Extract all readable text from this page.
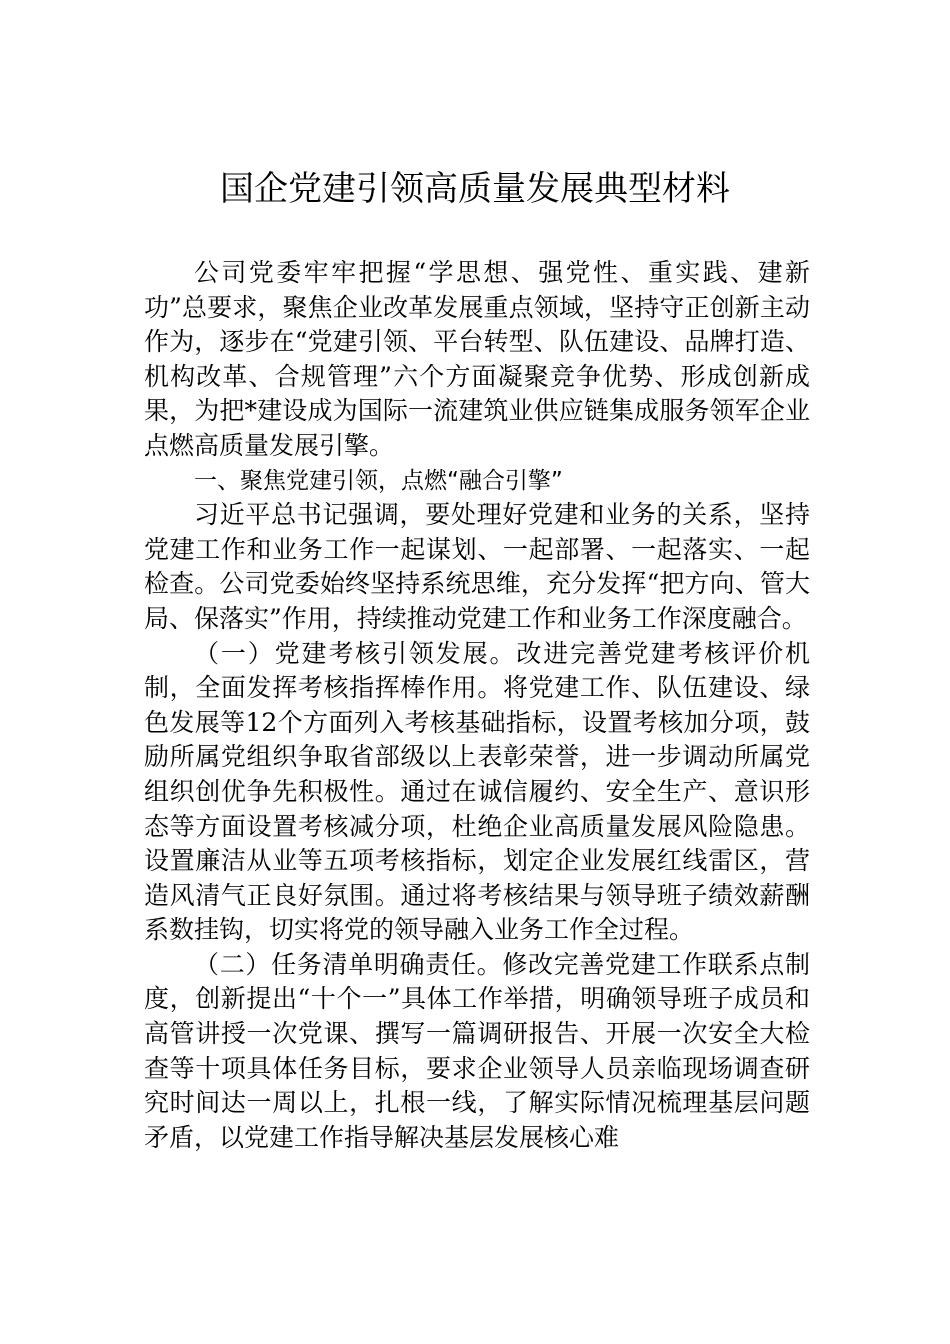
国企党建引领高质量发展典型材料

公司党委牢牢把握“学思想、强党性、重实践、建新功”总要求，聚焦企业改革发展重点领域，坚持守正创新主动作为，逐步在“党建引领、平台转型、队伍建设、品牌打造、机构改革、合规管理”六个方面凝聚竞争优势、形成创新成果，为把*建设成为国际一流建筑业供应链集成服务领军企业点燃高质量发展引擎。

一、聚焦党建引领，点燃“融合引擎”

习近平总书记强调，要处理好党建和业务的关系，坚持党建工作和业务工作一起谋划、一起部署、一起落实、一起检查。公司党委始终坚持系统思维，充分发挥“把方向、管大局、保落实”作用，持续推动党建工作和业务工作深度融合。

（一）党建考核引领发展。改进完善党建考核评价机制，全面发挥考核指挥棒作用。将党建工作、队伍建设、绿色发展等12个方面列入考核基础指标，设置考核加分项，鼓励所属党组织争取省部级以上表彰荣誉，进一步调动所属党组织创优争先积极性。通过在诚信履约、安全生产、意识形态等方面设置考核减分项，杜绝企业高质量发展风险隐患。设置廉洁从业等五项考核指标，划定企业发展红线雷区，营造风清气正良好氛围。通过将考核结果与领导班子绩效薪酬系数挂钩，切实将党的领导融入业务工作全过程。

（二）任务清单明确责任。修改完善党建工作联系点制度，创新提出“十个一”具体工作举措，明确领导班子成员和高管讲授一次党课、撰写一篇调研报告、开展一次安全大检查等十项具体任务目标，要求企业领导人员亲临现场调查研究时间达一周以上，扎根一线，了解实际情况梳理基层问题矛盾，以党建工作指导解决基层发展核心难
